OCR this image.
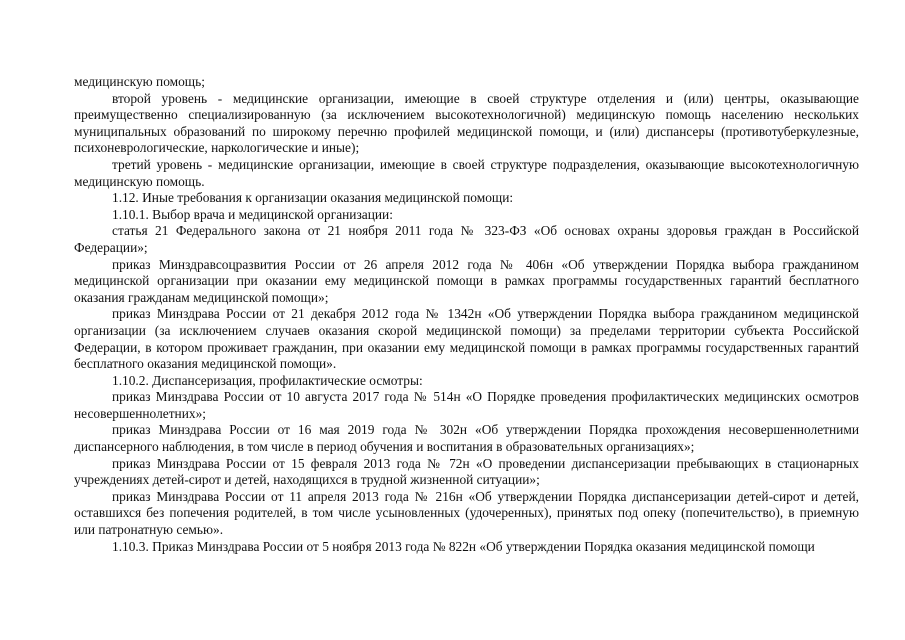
медицинскую помощь;

второй уровень - медицинские организации, имеющие в своей структуре отделения и (или) центры, оказывающие преимущественно специализированную (за исключением высокотехнологичной) медицинскую помощь населению нескольких муниципальных образований по широкому перечню профилей медицинской помощи, и (или) диспансеры (противотуберкулезные, психоневрологические, наркологические и иные);

третий уровень - медицинские организации, имеющие в своей структуре подразделения, оказывающие высокотехнологичную медицинскую помощь.

1.12. Иные требования к организации оказания медицинской помощи:

1.10.1. Выбор врача и медицинской организации:

статья 21 Федерального закона от 21 ноября 2011 года № 323-ФЗ «Об основах охраны здоровья граждан в Российской Федерации»;

приказ Минздравсоцразвития России от 26 апреля 2012 года № 406н «Об утверждении Порядка выбора гражданином медицинской организации при оказании ему медицинской помощи в рамках программы государственных гарантий бесплатного оказания гражданам медицинской помощи»;

приказ Минздрава России от 21 декабря 2012 года № 1342н «Об утверждении Порядка выбора гражданином медицинской организации (за исключением случаев оказания скорой медицинской помощи) за пределами территории субъекта Российской Федерации, в котором проживает гражданин, при оказании ему медицинской помощи в рамках программы государственных гарантий бесплатного оказания медицинской помощи».

1.10.2. Диспансеризация, профилактические осмотры:

приказ Минздрава России от 10 августа 2017 года № 514н «О Порядке проведения профилактических медицинских осмотров несовершеннолетних»;

приказ Минздрава России от 16 мая 2019 года № 302н «Об утверждении Порядка прохождения несовершеннолетними диспансерного наблюдения, в том числе в период обучения и воспитания в образовательных организациях»;

приказ Минздрава России от 15 февраля 2013 года № 72н «О проведении диспансеризации пребывающих в стационарных учреждениях детей-сирот и детей, находящихся в трудной жизненной ситуации»;

приказ Минздрава России от 11 апреля 2013 года № 216н «Об утверждении Порядка диспансеризации детей-сирот и детей, оставшихся без попечения родителей, в том числе усыновленных (удочеренных), принятых под опеку (попечительство), в приемную или патронатную семью».

1.10.3. Приказ Минздрава России от 5 ноября 2013 года № 822н «Об утверждении Порядка оказания медицинской помощи
